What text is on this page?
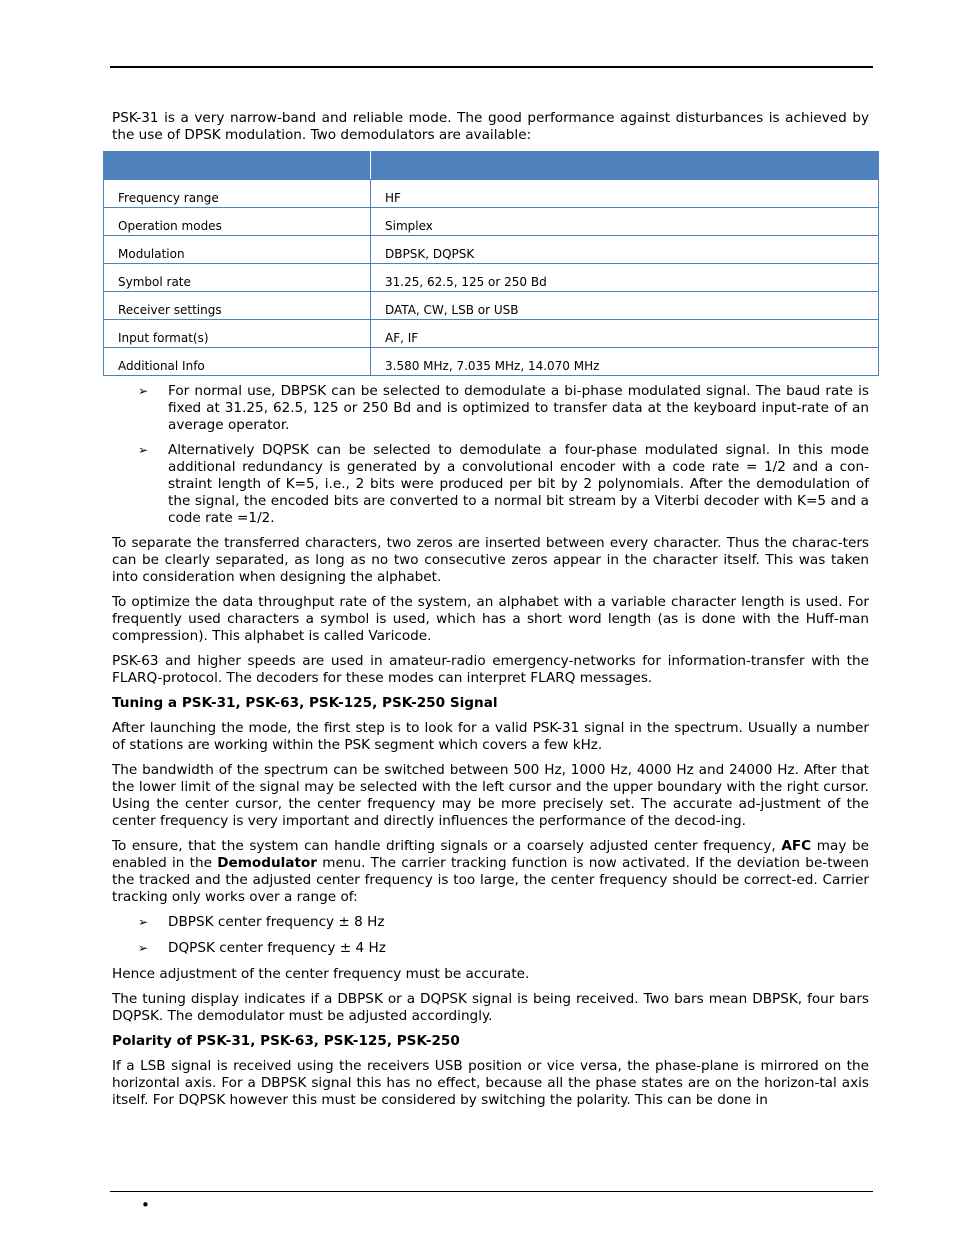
PSK-31 is a very narrow-band and reliable mode. The good performance against disturbances is achieved by the use of DPSK modulation. Two demodulators are available:

Frequency range	HF
Operation modes	Simplex
Modulation	DBPSK, DQPSK
Symbol rate	31.25, 62.5, 125 or 250 Bd
Receiver settings	DATA, CW, LSB or USB
Input format(s)	AF, IF
Additional Info	3.580 MHz, 7.035 MHz, 14.070 MHz
➢ For normal use, DBPSK can be selected to demodulate a bi-phase modulated signal. The baud rate is fixed at 31.25, 62.5, 125 or 250 Bd and is optimized to transfer data at the keyboard input-rate of an average operator.
➢ Alternatively DQPSK can be selected to demodulate a four-phase modulated signal. In this mode additional redundancy is generated by a convolutional encoder with a code rate = 1/2 and a con-straint length of K=5, i.e., 2 bits were produced per bit by 2 polynomials. After the demodulation of the signal, the encoded bits are converted to a normal bit stream by a Viterbi decoder with K=5 and a code rate =1/2.

To separate the transferred characters, two zeros are inserted between every character. Thus the charac-ters can be clearly separated, as long as no two consecutive zeros appear in the character itself. This was taken into consideration when designing the alphabet.

To optimize the data throughput rate of the system, an alphabet with a variable character length is used. For frequently used characters a symbol is used, which has a short word length (as is done with the Huff-man compression). This alphabet is called Varicode.

PSK-63 and higher speeds are used in amateur-radio emergency-networks for information-transfer with the FLARQ-protocol. The decoders for these modes can interpret FLARQ messages.

Tuning a PSK-31, PSK-63, PSK-125, PSK-250 Signal

After launching the mode, the first step is to look for a valid PSK-31 signal in the spectrum. Usually a number of stations are working within the PSK segment which covers a few kHz.

The bandwidth of the spectrum can be switched between 500 Hz, 1000 Hz, 4000 Hz and 24000 Hz. After that the lower limit of the signal may be selected with the left cursor and the upper boundary with the right cursor. Using the center cursor, the center frequency may be more precisely set. The accurate ad-justment of the center frequency is very important and directly influences the performance of the decod-ing.

To ensure, that the system can handle drifting signals or a coarsely adjusted center frequency, AFC may be enabled in the Demodulator menu. The carrier tracking function is now activated. If the deviation be-tween the tracked and the adjusted center frequency is too large, the center frequency should be correct-ed. Carrier tracking only works over a range of:

➢ DBPSK center frequency ± 8 Hz
➢ DQPSK center frequency ± 4 Hz

Hence adjustment of the center frequency must be accurate.

The tuning display indicates if a DBPSK or a DQPSK signal is being received. Two bars mean DBPSK, four bars DQPSK. The demodulator must be adjusted accordingly.

Polarity of PSK-31, PSK-63, PSK-125, PSK-250

If a LSB signal is received using the receivers USB position or vice versa, the phase-plane is mirrored on the horizontal axis. For a DBPSK signal this has no effect, because all the phase states are on the horizon-tal axis itself. For DQPSK however this must be considered by switching the polarity. This can be done in

•
